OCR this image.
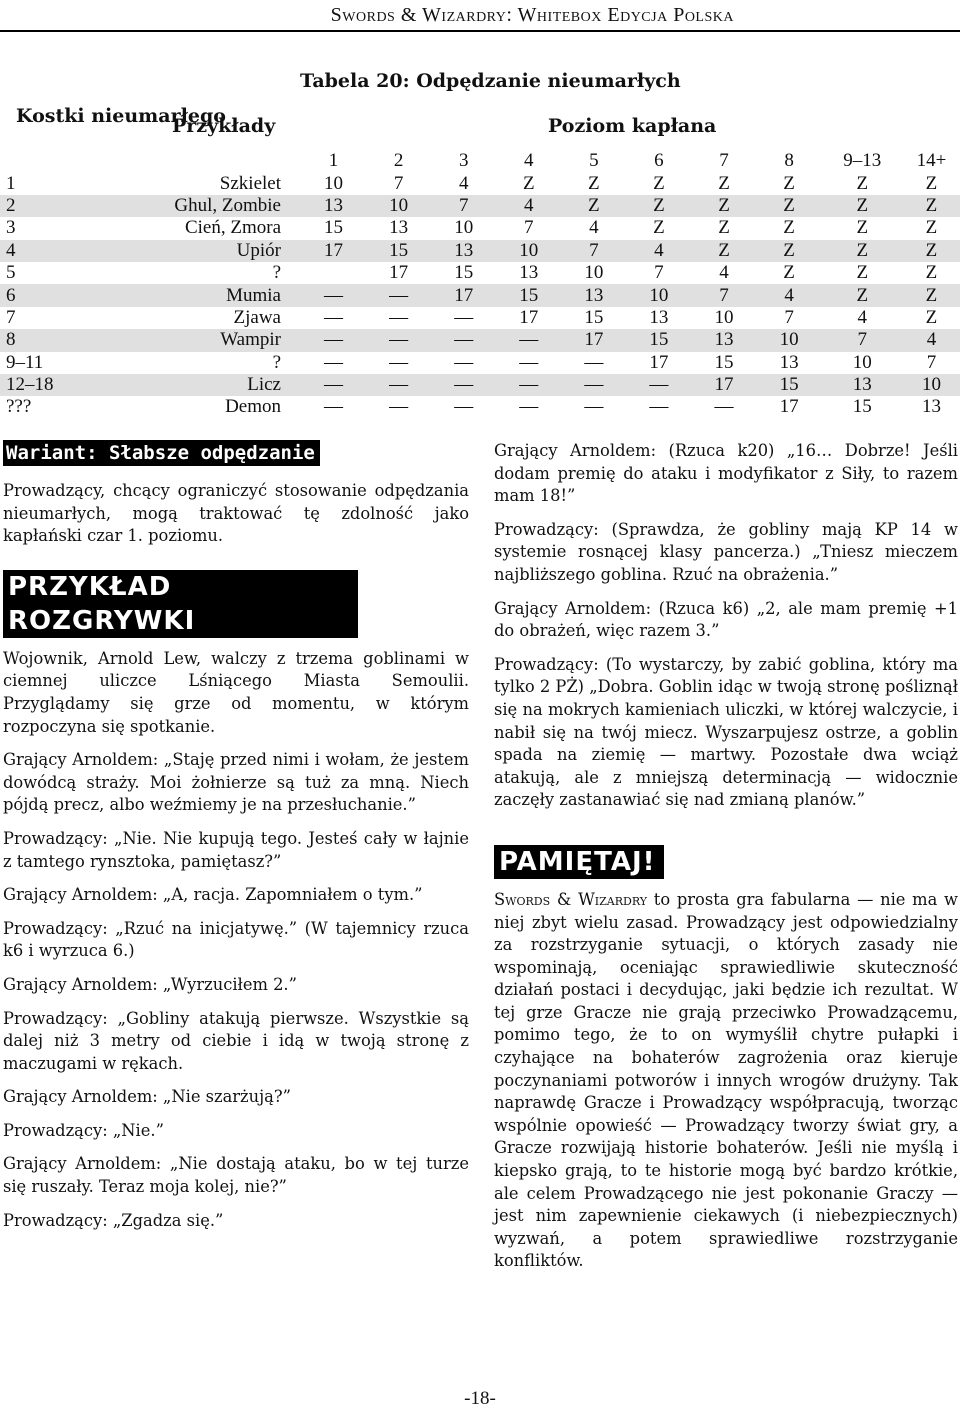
Swords & Wizardry: Whitebox Edycja Polska
Tabela 20: Odpędzanie nieumarłych
Kostki nieumarłego
Przykłady	Poziom kapłana
		1	2	3	4	5	6	7	8	9–13	14+
1	Szkielet	10	7	4	Z	Z	Z	Z	Z	Z	Z
2	Ghul, Zombie	13	10	7	4	Z	Z	Z	Z	Z	Z
3	Cień, Zmora	15	13	10	7	4	Z	Z	Z	Z	Z
4	Upiór	17	15	13	10	7	4	Z	Z	Z	Z
5	?		17	15	13	10	7	4	Z	Z	Z
6	Mumia	—	—	17	15	13	10	7	4	Z	Z
7	Zjawa	—	—	—	17	15	13	10	7	4	Z
8	Wampir	—	—	—	—	17	15	13	10	7	4
9–11	?	—	—	—	—	—	17	15	13	10	7
12–18	Licz	—	—	—	—	—	—	17	15	13	10
???	Demon	—	—	—	—	—	—	—	17	15	13
Wariant: Słabsze odpędzanie

Prowadzący, chcący ograniczyć stosowanie odpędzania nieumarłych, mogą traktować tę zdolność jako kapłański czar 1. poziomu.

PRZYKŁAD ROZGRYWKI

Wojownik, Arnold Lew, walczy z trzema goblinami w ciemnej uliczce Lśniącego Miasta Semoulii. Przyglądamy się grze od momentu, w którym rozpoczyna się spotkanie.

Grający Arnoldem: „Staję przed nimi i wołam, że jestem dowódcą straży. Moi żołnierze są tuż za mną. Niech pójdą precz, albo weźmiemy je na przesłuchanie.”

Prowadzący: „Nie. Nie kupują tego. Jesteś cały w łajnie z tamtego rynsztoka, pamiętasz?”

Grający Arnoldem: „A, racja. Zapomniałem o tym.”

Prowadzący: „Rzuć na inicjatywę.” (W tajemnicy rzuca k6 i wyrzuca 6.)

Grający Arnoldem: „Wyrzuciłem 2.”

Prowadzący: „Gobliny atakują pierwsze. Wszystkie są dalej niż 3 metry od ciebie i idą w twoją stronę z maczugami w rękach.

Grający Arnoldem: „Nie szarżują?”

Prowadzący: „Nie.”

Grający Arnoldem: „Nie dostają ataku, bo w tej turze się ruszały. Teraz moja kolej, nie?”

Prowadzący: „Zgadza się.”

Grający Arnoldem: (Rzuca k20) „16… Dobrze! Jeśli dodam premię do ataku i modyfikator z Siły, to razem mam 18!”

Prowadzący: (Sprawdza, że gobliny mają KP 14 w systemie rosnącej klasy pancerza.) „Tniesz mieczem najbliższego goblina. Rzuć na obrażenia.”

Grający Arnoldem: (Rzuca k6) „2, ale mam premię +1 do obrażeń, więc razem 3.”

Prowadzący: (To wystarczy, by zabić goblina, który ma tylko 2 PŻ) „Dobra. Goblin idąc w twoją stronę pośliznął się na mokrych kamieniach uliczki, w której walczycie, i nabił się na twój miecz. Wyszarpujesz ostrze, a goblin spada na ziemię — martwy. Pozostałe dwa wciąż atakują, ale z mniejszą determinacją — widocznie zaczęły zastanawiać się nad zmianą planów.”

PAMIĘTAJ!

Swords & Wizardry to prosta gra fabularna — nie ma w niej zbyt wielu zasad. Prowadzący jest odpowiedzialny za rozstrzyganie sytuacji, o których zasady nie wspominają, oceniając sprawiedliwie skuteczność działań postaci i decydując, jaki będzie ich rezultat. W tej grze Gracze nie grają przeciwko Prowadzącemu, pomimo tego, że to on wymyślił chytre pułapki i czyhające na bohaterów zagrożenia oraz kieruje poczynaniami potworów i innych wrogów drużyny. Tak naprawdę Gracze i Prowadzący współpracują, tworząc wspólnie opowieść — Prowadzący tworzy świat gry, a Gracze rozwijają historie bohaterów. Jeśli nie myślą i kiepsko grają, to te historie mogą być bardzo krótkie, ale celem Prowadzącego nie jest pokonanie Graczy — jest nim zapewnienie ciekawych (i niebezpiecznych) wyzwań, a potem sprawiedliwe rozstrzyganie konfliktów.

-18-
